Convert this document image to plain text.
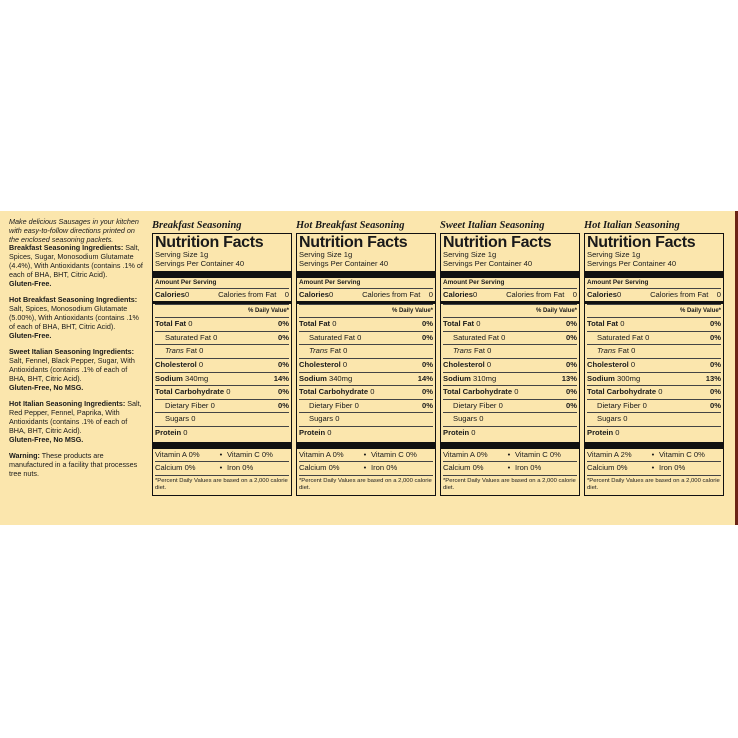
Make delicious Sausages in your kitchen with easy-to-follow directions printed on the enclosed seasoning packets.
Breakfast Seasoning Ingredients: Salt, Spices, Sugar, Monosodium Glutamate (4.4%), With Antioxidants (contains .1% of each of BHA, BHT, Citric Acid).
Gluten-Free.
Hot Breakfast Seasoning Ingredients: Salt, Spices, Monosodium Glutamate (5.00%), With Antioxidants (contains .1% of each of BHA, BHT, Citric Acid).
Gluten-Free.
Sweet Italian Seasoning Ingredients: Salt, Fennel, Black Pepper, Sugar, With Antioxidants (contains .1% of each of BHA, BHT, Citric Acid).
Gluten-Free, No MSG.
Hot Italian Seasoning Ingredients: Salt, Red Pepper, Fennel, Paprika, With Antioxidants (contains .1% of each of BHA, BHT, Citric Acid).
Gluten-Free, No MSG.
Warning: These products are manufactured in a facility that processes tree nuts.
Breakfast Seasoning
Nutrition Facts
Serving Size 1g
Servings Per Container 40
Amount Per Serving
Calories0	Calories from Fat 0
% Daily Value*
Total Fat 0	0%
Saturated Fat 0	0%
Trans Fat 0
Cholesterol 0	0%
Sodium 340mg	14%
Total Carbohydrate 0	0%
Dietary Fiber 0	0%
Sugars 0
Protein 0
Vitamin A 0%	• Vitamin C 0%
Calcium 0%	• Iron 0%
*Percent Daily Values are based on a 2,000 calorie diet.
Hot Breakfast Seasoning
Nutrition Facts
Serving Size 1g
Servings Per Container 40
Amount Per Serving
Calories0	Calories from Fat 0
% Daily Value*
Total Fat 0	0%
Saturated Fat 0	0%
Trans Fat 0
Cholesterol 0	0%
Sodium 340mg	14%
Total Carbohydrate 0	0%
Dietary Fiber 0	0%
Sugars 0
Protein 0
Vitamin A 0%	• Vitamin C 0%
Calcium 0%	• Iron 0%
*Percent Daily Values are based on a 2,000 calorie diet.
Sweet Italian Seasoning
Nutrition Facts
Serving Size 1g
Servings Per Container 40
Amount Per Serving
Calories0	Calories from Fat 0
% Daily Value*
Total Fat 0	0%
Saturated Fat 0	0%
Trans Fat 0
Cholesterol 0	0%
Sodium 310mg	13%
Total Carbohydrate 0	0%
Dietary Fiber 0	0%
Sugars 0
Protein 0
Vitamin A 0%	• Vitamin C 0%
Calcium 0%	• Iron 0%
*Percent Daily Values are based on a 2,000 calorie diet.
Hot Italian Seasoning
Nutrition Facts
Serving Size 1g
Servings Per Container 40
Amount Per Serving
Calories0	Calories from Fat 0
% Daily Value*
Total Fat 0	0%
Saturated Fat 0	0%
Trans Fat 0
Cholesterol 0	0%
Sodium 300mg	13%
Total Carbohydrate 0	0%
Dietary Fiber 0	0%
Sugars 0
Protein 0
Vitamin A 2%	• Vitamin C 0%
Calcium 0%	• Iron 0%
*Percent Daily Values are based on a 2,000 calorie diet.
